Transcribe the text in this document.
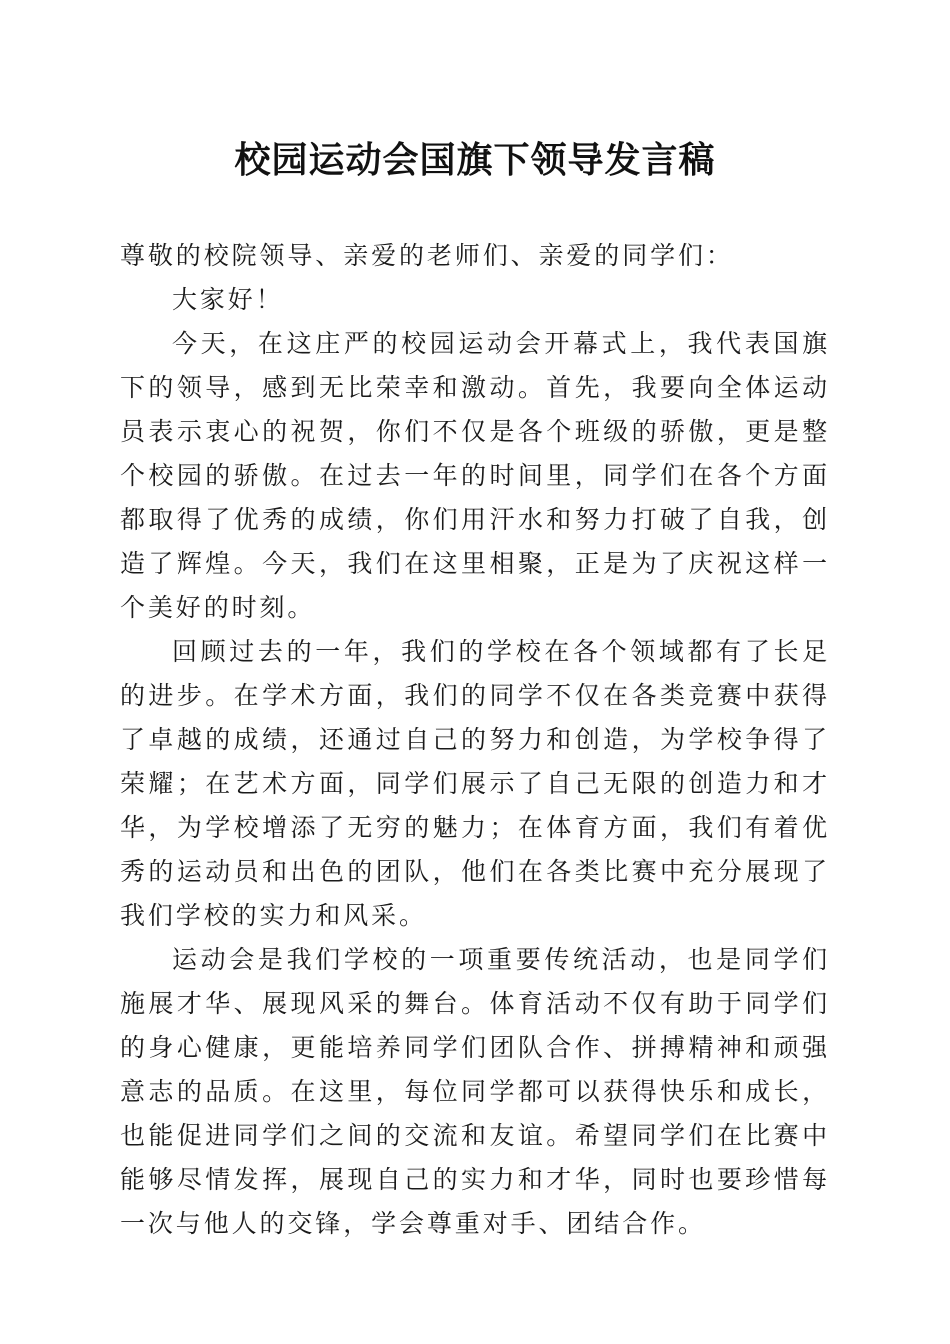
校园运动会国旗下领导发言稿

尊敬的校院领导、亲爱的老师们、亲爱的同学们：

大家好！

今天，在这庄严的校园运动会开幕式上，我代表国旗下的领导，感到无比荣幸和激动。首先，我要向全体运动员表示衷心的祝贺，你们不仅是各个班级的骄傲，更是整个校园的骄傲。在过去一年的时间里，同学们在各个方面都取得了优秀的成绩，你们用汗水和努力打破了自我，创造了辉煌。今天，我们在这里相聚，正是为了庆祝这样一个美好的时刻。

回顾过去的一年，我们的学校在各个领域都有了长足的进步。在学术方面，我们的同学不仅在各类竞赛中获得了卓越的成绩，还通过自己的努力和创造，为学校争得了荣耀；在艺术方面，同学们展示了自己无限的创造力和才华，为学校增添了无穷的魅力；在体育方面，我们有着优秀的运动员和出色的团队，他们在各类比赛中充分展现了我们学校的实力和风采。

运动会是我们学校的一项重要传统活动，也是同学们施展才华、展现风采的舞台。体育活动不仅有助于同学们的身心健康，更能培养同学们团队合作、拼搏精神和顽强意志的品质。在这里，每位同学都可以获得快乐和成长，也能促进同学们之间的交流和友谊。希望同学们在比赛中能够尽情发挥，展现自己的实力和才华，同时也要珍惜每一次与他人的交锋，学会尊重对手、团结合作。
